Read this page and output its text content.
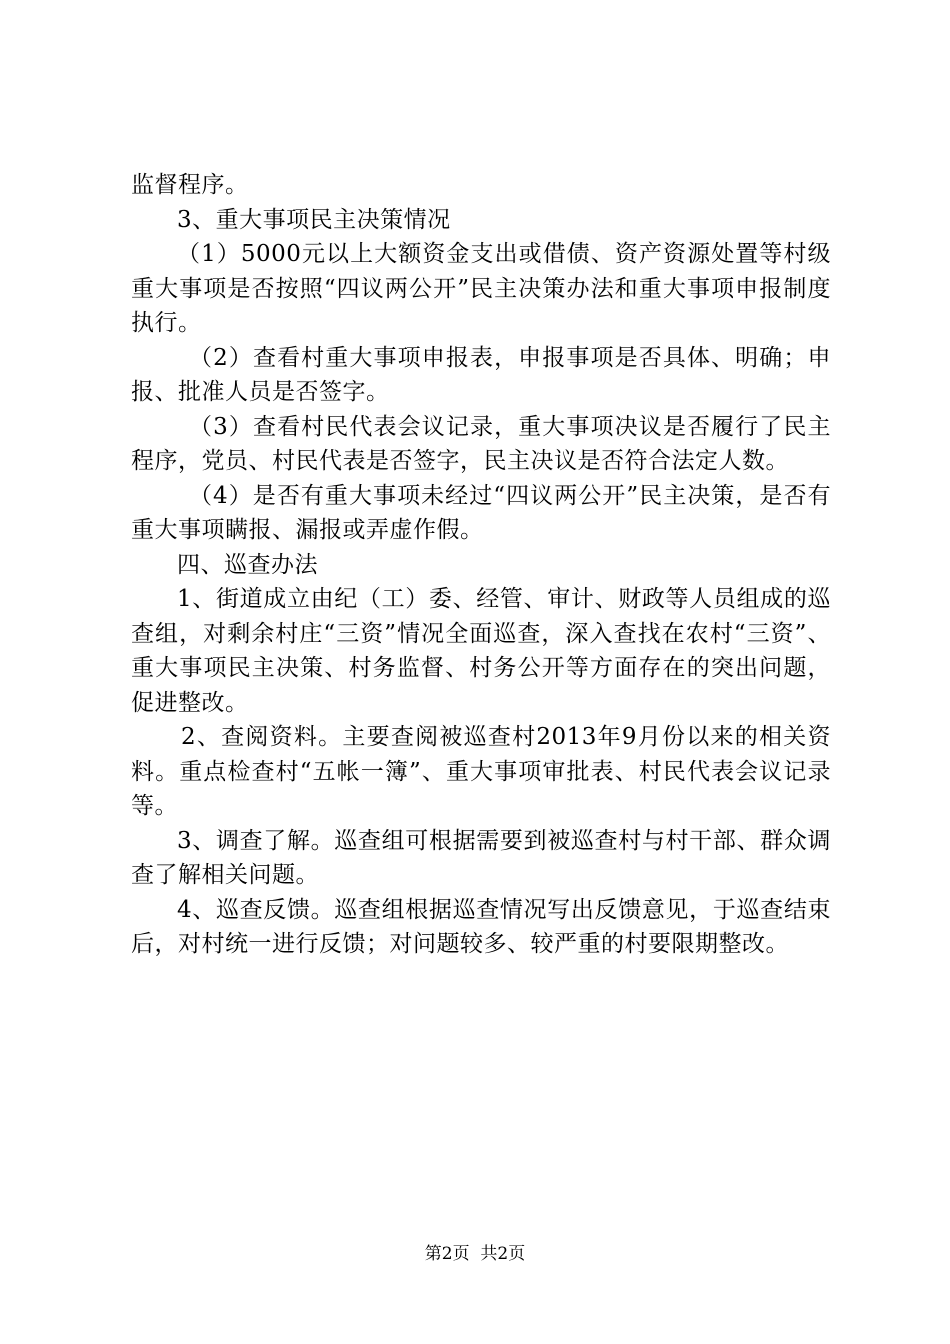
监督程序。

3、重大事项民主决策情况

（1）5000元以上大额资金支出或借债、资产资源处置等村级重大事项是否按照“四议两公开”民主决策办法和重大事项申报制度执行。

（2）查看村重大事项申报表，申报事项是否具体、明确；申报、批准人员是否签字。

（3）查看村民代表会议记录，重大事项决议是否履行了民主程序，党员、村民代表是否签字，民主决议是否符合法定人数。

（4）是否有重大事项未经过“四议两公开”民主决策，是否有重大事项瞒报、漏报或弄虚作假。

四、巡查办法

1、街道成立由纪（工）委、经管、审计、财政等人员组成的巡查组，对剩余村庄“三资”情况全面巡查，深入查找在农村“三资”、重大事项民主决策、村务监督、村务公开等方面存在的突出问题，促进整改。

2、查阅资料。主要查阅被巡查村2013年9月份以来的相关资料。重点检查村“五帐一簿”、重大事项审批表、村民代表会议记录等。

3、调查了解。巡查组可根据需要到被巡查村与村干部、群众调查了解相关问题。

4、巡查反馈。巡查组根据巡查情况写出反馈意见，于巡查结束后，对村统一进行反馈；对问题较多、较严重的村要限期整改。

第2页  共2页
